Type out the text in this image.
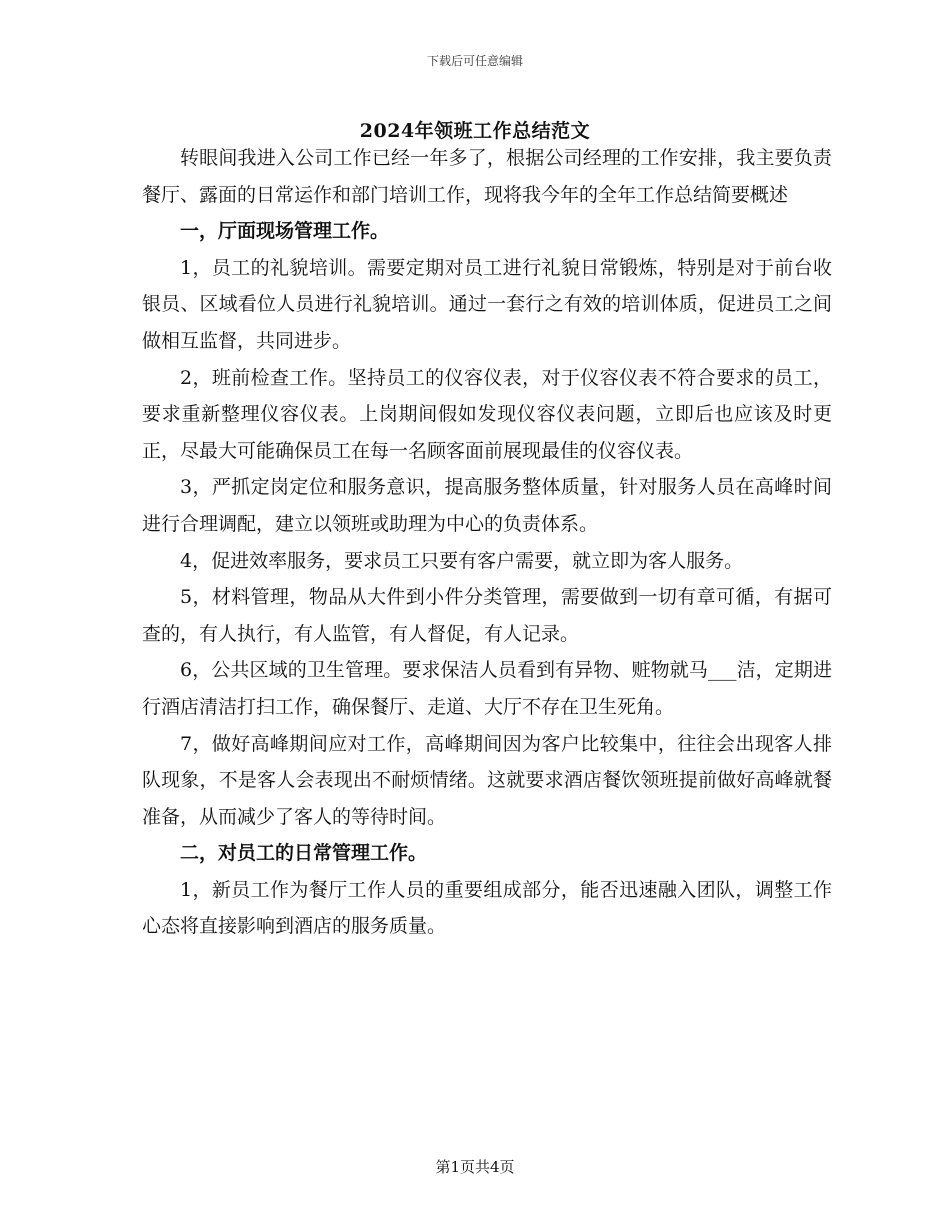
下载后可任意编辑
2024年领班工作总结范文

转眼间我进入公司工作已经一年多了，根据公司经理的工作安排，我主要负责餐厅、露面的日常运作和部门培训工作，现将我今年的全年工作总结简要概述

一，厅面现场管理工作。

1，员工的礼貌培训。需要定期对员工进行礼貌日常锻炼，特别是对于前台收银员、区域看位人员进行礼貌培训。通过一套行之有效的培训体质，促进员工之间做相互监督，共同进步。

2，班前检查工作。坚持员工的仪容仪表，对于仪容仪表不符合要求的员工，要求重新整理仪容仪表。上岗期间假如发现仪容仪表问题，立即后也应该及时更正，尽最大可能确保员工在每一名顾客面前展现最佳的仪容仪表。

3，严抓定岗定位和服务意识，提高服务整体质量，针对服务人员在高峰时间进行合理调配，建立以领班或助理为中心的负责体系。

4，促进效率服务，要求员工只要有客户需要，就立即为客人服务。

5，材料管理，物品从大件到小件分类管理，需要做到一切有章可循，有据可查的，有人执行，有人监管，有人督促，有人记录。

6，公共区域的卫生管理。要求保洁人员看到有异物、赃物就马___洁，定期进行酒店清洁打扫工作，确保餐厅、走道、大厅不存在卫生死角。

7，做好高峰期间应对工作，高峰期间因为客户比较集中，往往会出现客人排队现象，不是客人会表现出不耐烦情绪。这就要求酒店餐饮领班提前做好高峰就餐准备，从而减少了客人的等待时间。

二，对员工的日常管理工作。

1，新员工作为餐厅工作人员的重要组成部分，能否迅速融入团队，调整工作心态将直接影响到酒店的服务质量。

第1页共4页
